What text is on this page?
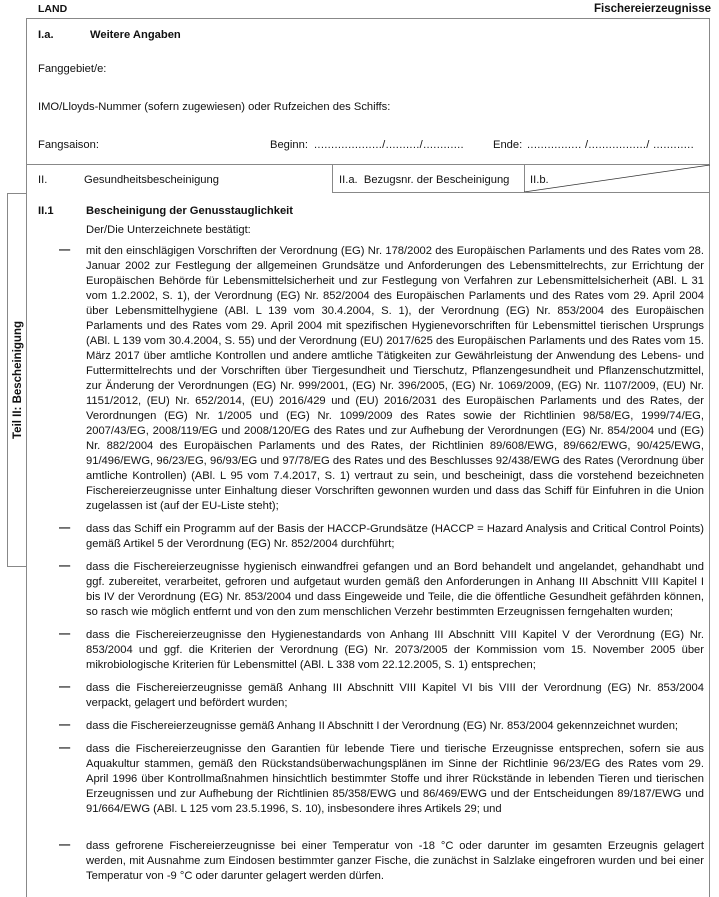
LAND	Fischereierzeugnisse
I.a.	Weitere Angaben
Fanggebiet/e:
IMO/Lloyds-Nummer (sofern zugewiesen) oder Rufzeichen des Schiffs:
Fangsaison:	Beginn: ..................../........../............	Ende: ................ /................./ ............
II.	Gesundheitsbescheinigung	II.a.  Bezugsnr. der Bescheinigung II.b.
Teil II: Bescheinigung
II.1	Bescheinigung der Genusstauglichkeit
Der/Die Unterzeichnete bestätigt:
— mit den einschlägigen Vorschriften der Verordnung (EG) Nr. 178/2002 des Europäischen Parlaments und des Rates vom 28. Januar 2002 zur Festlegung der allgemeinen Grundsätze und Anforderungen des Lebensmittelrechts, zur Errichtung der Europäischen Behörde für Lebensmittelsicherheit und zur Festlegung von Verfahren zur Lebensmittelsicherheit (ABl. L 31 vom 1.2.2002, S. 1), der Verordnung (EG) Nr. 852/2004 des Europäischen Parlaments und des Rates vom 29. April 2004 über Lebensmittelhygiene (ABl. L 139 vom 30.4.2004, S. 1), der Verordnung (EG) Nr. 853/2004 des Europäischen Parlaments und des Rates vom 29. April 2004 mit spezifischen Hygienevorschriften für Lebensmittel tierischen Ursprungs (ABl. L 139 vom 30.4.2004, S. 55) und der Verordnung (EU) 2017/625 des Europäischen Parlaments und des Rates vom 15. März 2017 über amtliche Kontrollen und andere amtliche Tätigkeiten zur Gewährleistung der Anwendung des Lebens- und Futtermittelrechts und der Vorschriften über Tiergesundheit und Tierschutz, Pflanzengesundheit und Pflanzenschutzmittel, zur Änderung der Verordnungen (EG) Nr. 999/2001, (EG) Nr. 396/2005, (EG) Nr. 1069/2009, (EG) Nr. 1107/2009, (EU) Nr. 1151/2012, (EU) Nr. 652/2014, (EU) 2016/429 und (EU) 2016/2031 des Europäischen Parlaments und des Rates, der Verordnungen (EG) Nr. 1/2005 und (EG) Nr. 1099/2009 des Rates sowie der Richtlinien 98/58/EG, 1999/74/EG, 2007/43/EG, 2008/119/EG und 2008/120/EG des Rates und zur Aufhebung der Verordnungen (EG) Nr. 854/2004 und (EG) Nr. 882/2004 des Europäischen Parlaments und des Rates, der Richtlinien 89/608/EWG, 89/662/EWG, 90/425/EWG, 91/496/EWG, 96/23/EG, 96/93/EG und 97/78/EG des Rates und des Beschlusses 92/438/EWG des Rates (Verordnung über amtliche Kontrollen) (ABl. L 95 vom 7.4.2017, S. 1) vertraut zu sein, und bescheinigt, dass die vorstehend bezeichneten Fischereierzeugnisse unter Einhaltung dieser Vorschriften gewonnen wurden und dass das Schiff für Einfuhren in die Union zugelassen ist (auf der EU-Liste steht);
— dass das Schiff ein Programm auf der Basis der HACCP-Grundsätze (HACCP = Hazard Analysis and Critical Control Points) gemäß Artikel 5 der Verordnung (EG) Nr. 852/2004 durchführt;
— dass die Fischereierzeugnisse hygienisch einwandfrei gefangen und an Bord behandelt und angelandet, gehandhabt und ggf. zubereitet, verarbeitet, gefroren und aufgetaut wurden gemäß den Anforderungen in Anhang III Abschnitt VIII Kapitel I bis IV der Verordnung (EG) Nr. 853/2004 und dass Eingeweide und Teile, die die öffentliche Gesundheit gefährden können, so rasch wie möglich entfernt und von den zum menschlichen Verzehr bestimmten Erzeugnissen ferngehalten wurden;
— dass die Fischereierzeugnisse den Hygienestandards von Anhang III Abschnitt VIII Kapitel V der Verordnung (EG) Nr. 853/2004 und ggf. die Kriterien der Verordnung (EG) Nr. 2073/2005 der Kommission vom 15. November 2005 über mikrobiologische Kriterien für Lebensmittel (ABl. L 338 vom 22.12.2005, S. 1) entsprechen;
— dass die Fischereierzeugnisse gemäß Anhang III Abschnitt VIII Kapitel VI bis VIII der Verordnung (EG) Nr. 853/2004 verpackt, gelagert und befördert wurden;
— dass die Fischereierzeugnisse gemäß Anhang II Abschnitt I der Verordnung (EG) Nr. 853/2004 gekennzeichnet wurden;
— dass die Fischereierzeugnisse den Garantien für lebende Tiere und tierische Erzeugnisse entsprechen, sofern sie aus Aquakultur stammen, gemäß den Rückstandsüberwachungsplänen im Sinne der Richtlinie 96/23/EG des Rates vom 29. April 1996 über Kontrollmaßnahmen hinsichtlich bestimmter Stoffe und ihrer Rückstände in lebenden Tieren und tierischen Erzeugnissen und zur Aufhebung der Richtlinien 85/358/EWG und 86/469/EWG und der Entscheidungen 89/187/EWG und 91/664/EWG (ABl. L 125 vom 23.5.1996, S. 10), insbesondere ihres Artikels 29; und
— dass gefrorene Fischereierzeugnisse bei einer Temperatur von -18 °C oder darunter im gesamten Erzeugnis gelagert werden, mit Ausnahme zum Eindosen bestimmter ganzer Fische, die zunächst in Salzlake eingefroren wurden und bei einer Temperatur von -9 °C oder darunter gelagert werden dürfen.
